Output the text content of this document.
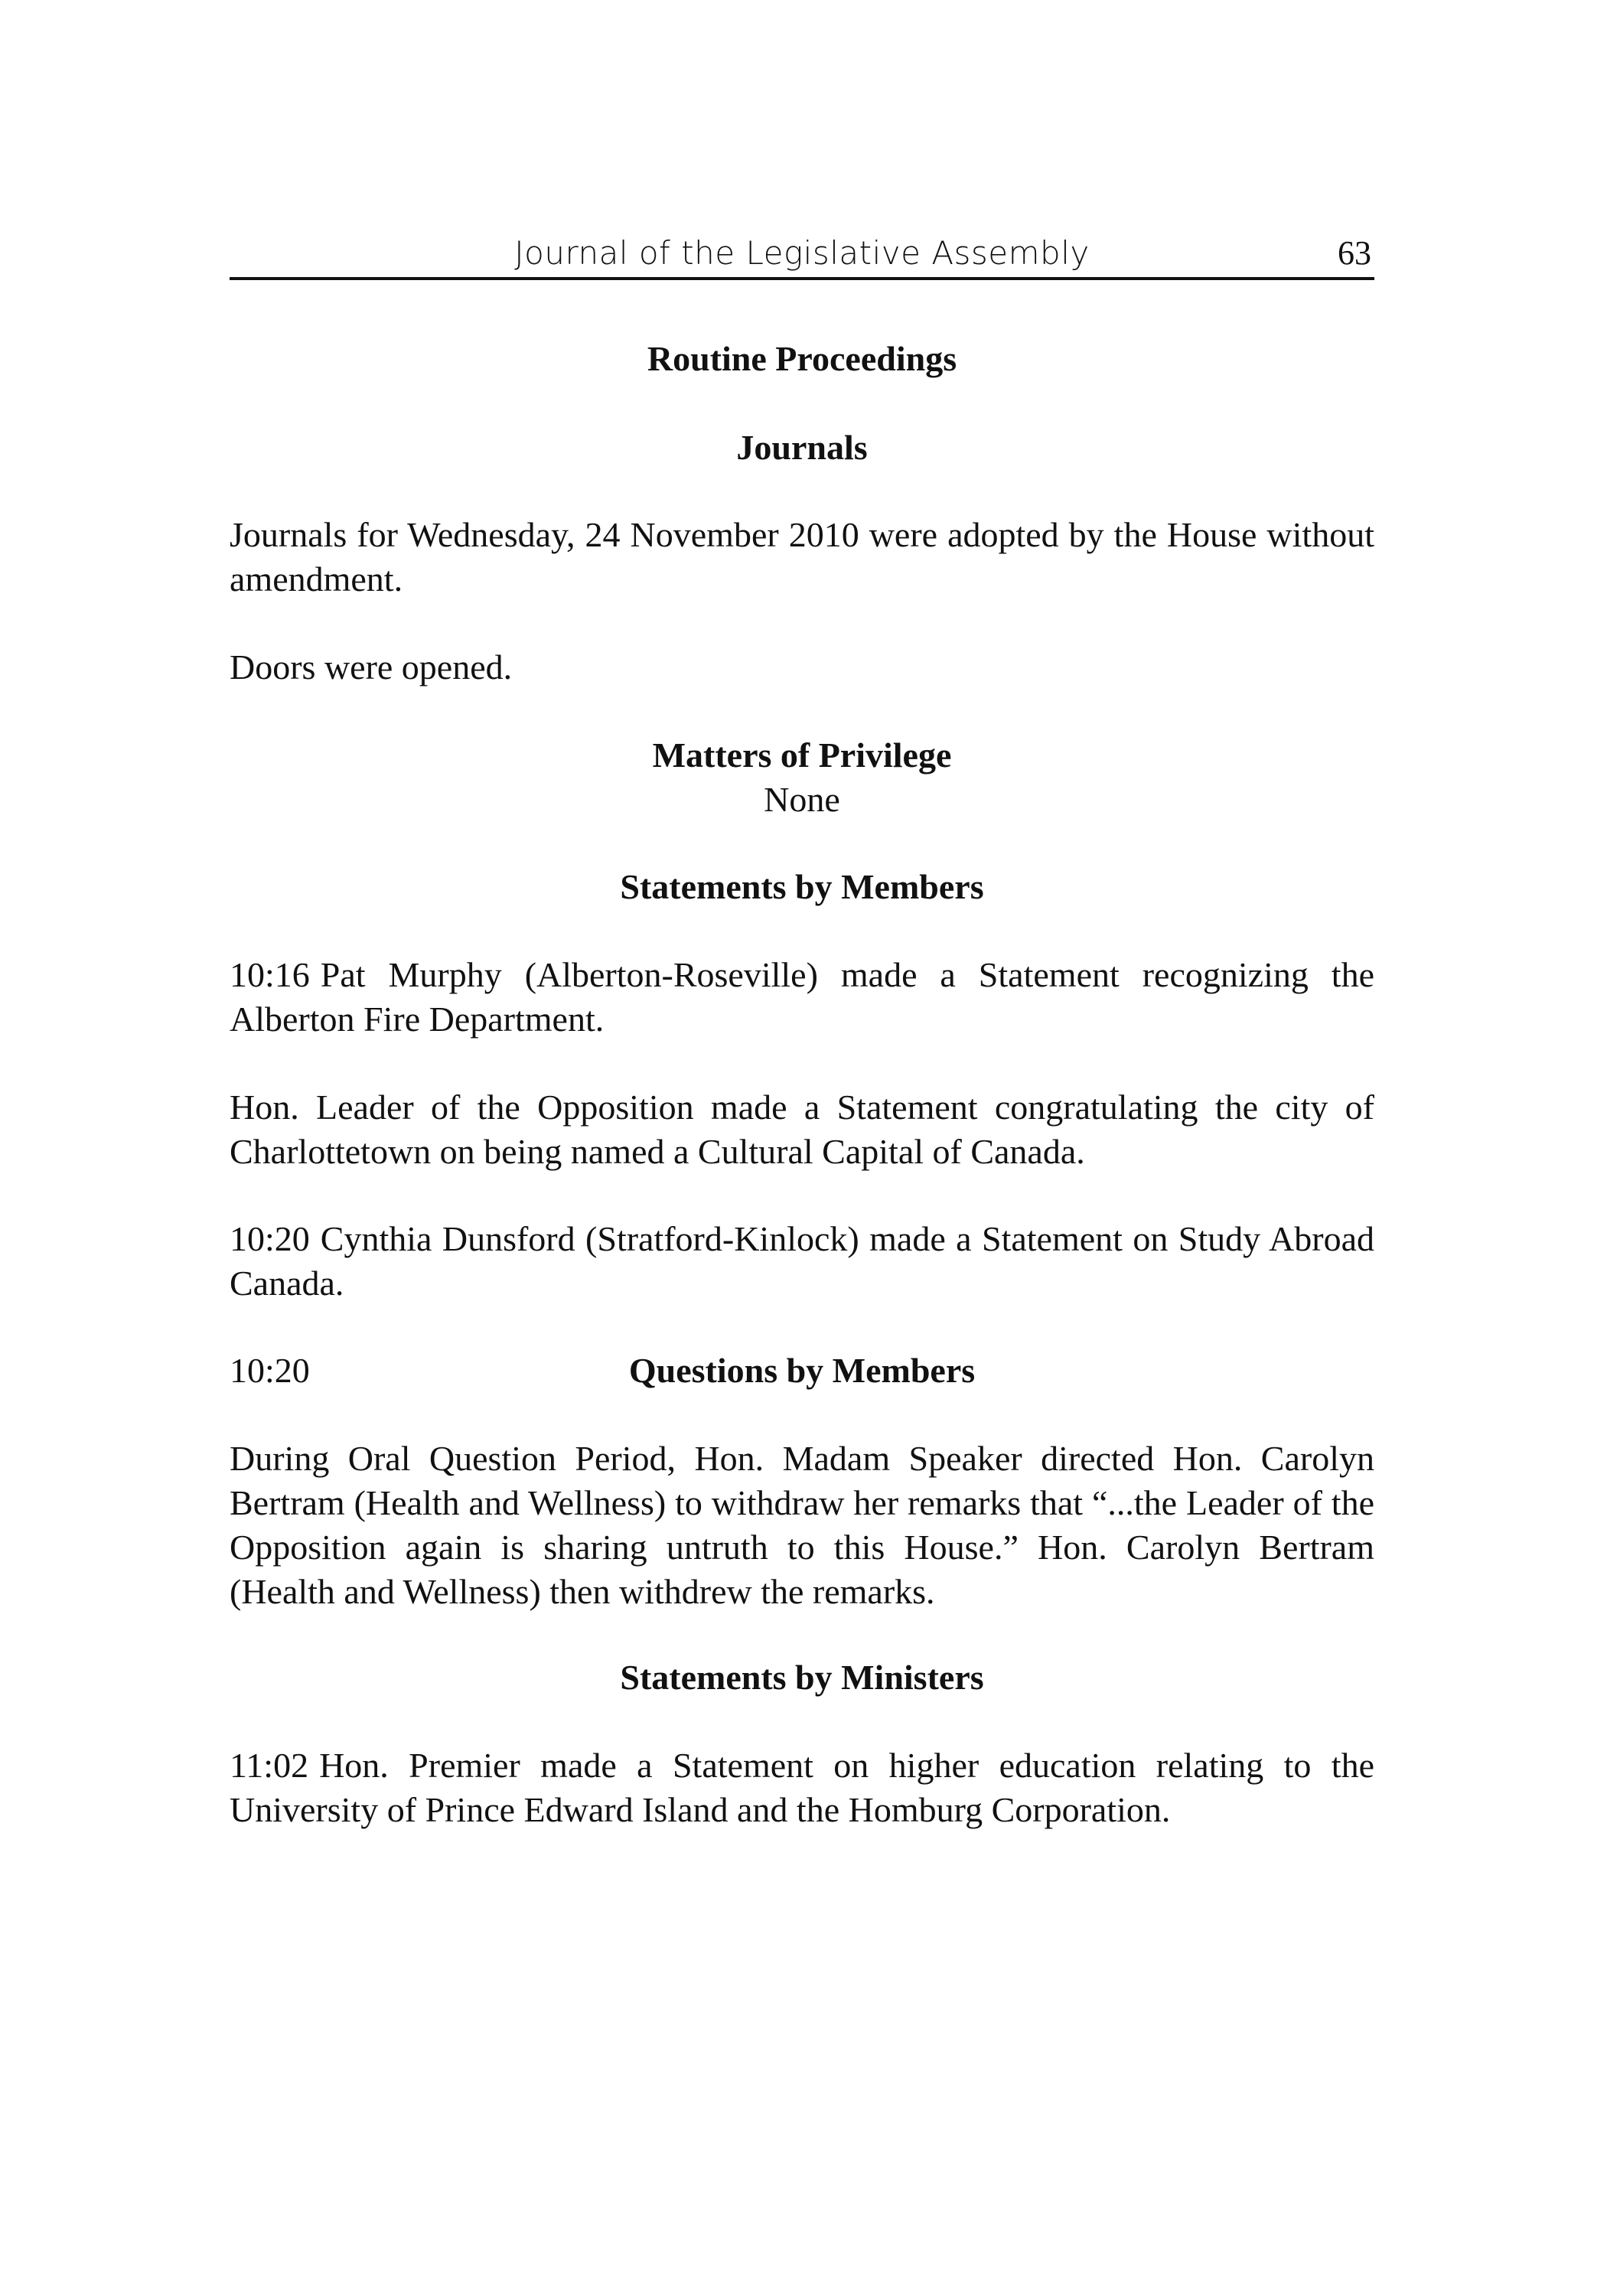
Journal of the Legislative Assembly	63
Routine Proceedings
Journals

Journals for Wednesday, 24 November 2010 were adopted by the House without amendment.

Doors were opened.

Matters of Privilege

None

Statements by Members

10:16 Pat Murphy (Alberton-Roseville) made a Statement recognizing the Alberton Fire Department.

Hon. Leader of the Opposition made a Statement congratulating the city of Charlottetown on being named a Cultural Capital of Canada.

10:20 Cynthia Dunsford (Stratford-Kinlock) made a Statement on Study Abroad Canada.

10:20	Questions by Members

During Oral Question Period, Hon. Madam Speaker directed Hon. Carolyn Bertram (Health and Wellness) to withdraw her remarks that “...the Leader of the Opposition again is sharing untruth to this House.” Hon. Carolyn Bertram (Health and Wellness) then withdrew the remarks.

Statements by Ministers

11:02 Hon. Premier made a Statement on higher education relating to the University of Prince Edward Island and the Homburg Corporation.
